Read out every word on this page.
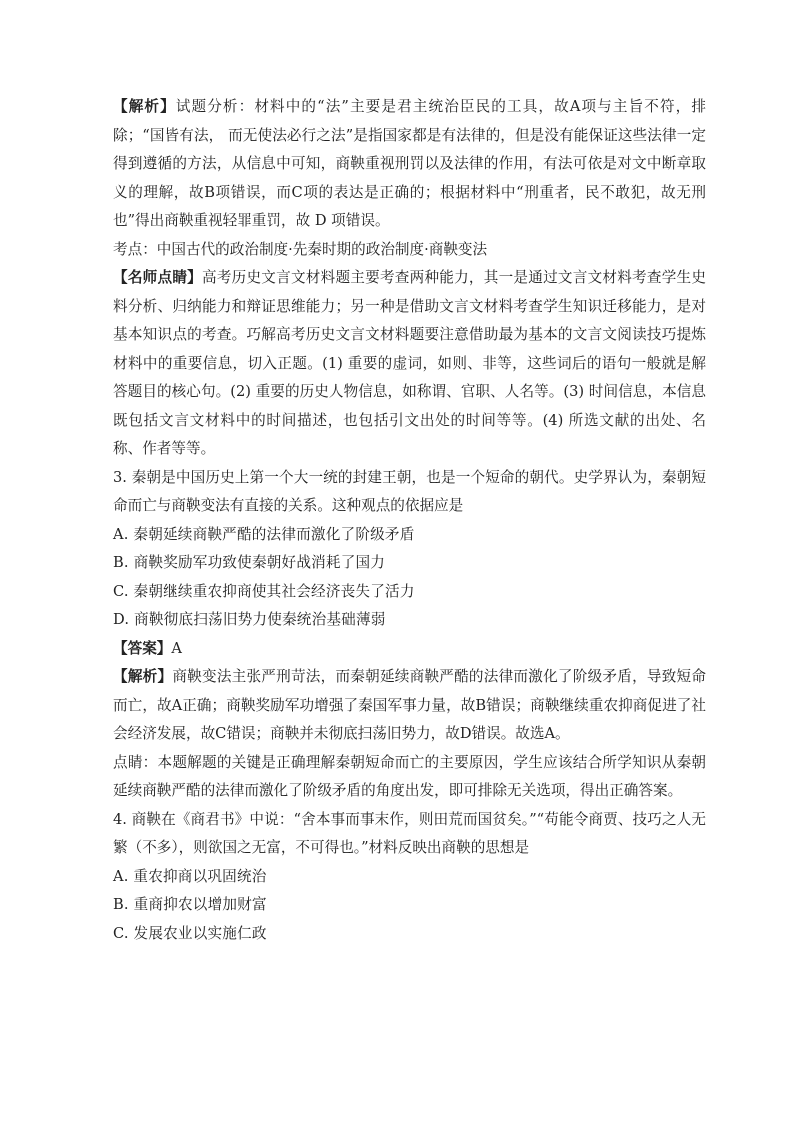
【解析】试题分析：材料中的“法”主要是君主统治臣民的工具，故A项与主旨不符，排除；“国皆有法， 而无使法必行之法”是指国家都是有法律的，但是没有能保证这些法律一定得到遵循的方法，从信息中可知，商鞅重视刑罚以及法律的作用，有法可依是对文中断章取义的理解，故B项错误，而C项的表达是正确的；根据材料中“刑重者，民不敢犯，故无刑也”得出商鞅重视轻罪重罚，故 D 项错误。

考点：中国古代的政治制度·先秦时期的政治制度·商鞅变法

【名师点睛】高考历史文言文材料题主要考查两种能力，其一是通过文言文材料考查学生史料分析、归纳能力和辩证思维能力；另一种是借助文言文材料考查学生知识迁移能力，是对基本知识点的考查。巧解高考历史文言文材料题要注意借助最为基本的文言文阅读技巧提炼材料中的重要信息，切入正题。(1) 重要的虚词，如则、非等，这些词后的语句一般就是解答题目的核心句。(2) 重要的历史人物信息，如称谓、官职、人名等。(3) 时间信息，本信息既包括文言文材料中的时间描述，也包括引文出处的时间等等。(4) 所选文献的出处、名称、作者等等。

3. 秦朝是中国历史上第一个大一统的封建王朝，也是一个短命的朝代。史学界认为，秦朝短命而亡与商鞅变法有直接的关系。这种观点的依据应是

A. 秦朝延续商鞅严酷的法律而激化了阶级矛盾

B. 商鞅奖励军功致使秦朝好战消耗了国力

C. 秦朝继续重农抑商使其社会经济丧失了活力

D. 商鞅彻底扫荡旧势力使秦统治基础薄弱

【答案】A

【解析】商鞅变法主张严刑苛法，而秦朝延续商鞅严酷的法律而激化了阶级矛盾，导致短命而亡，故A正确；商鞅奖励军功增强了秦国军事力量，故B错误；商鞅继续重农抑商促进了社会经济发展，故C错误；商鞅并未彻底扫荡旧势力，故D错误。故选A。

点睛：本题解题的关键是正确理解秦朝短命而亡的主要原因，学生应该结合所学知识从秦朝延续商鞅严酷的法律而激化了阶级矛盾的角度出发，即可排除无关选项，得出正确答案。

4. 商鞅在《商君书》中说：“舍本事而事末作，则田荒而国贫矣。”“苟能令商贾、技巧之人无繁（不多），则欲国之无富，不可得也。”材料反映出商鞅的思想是

A. 重农抑商以巩固统治

B. 重商抑农以增加财富

C. 发展农业以实施仁政
